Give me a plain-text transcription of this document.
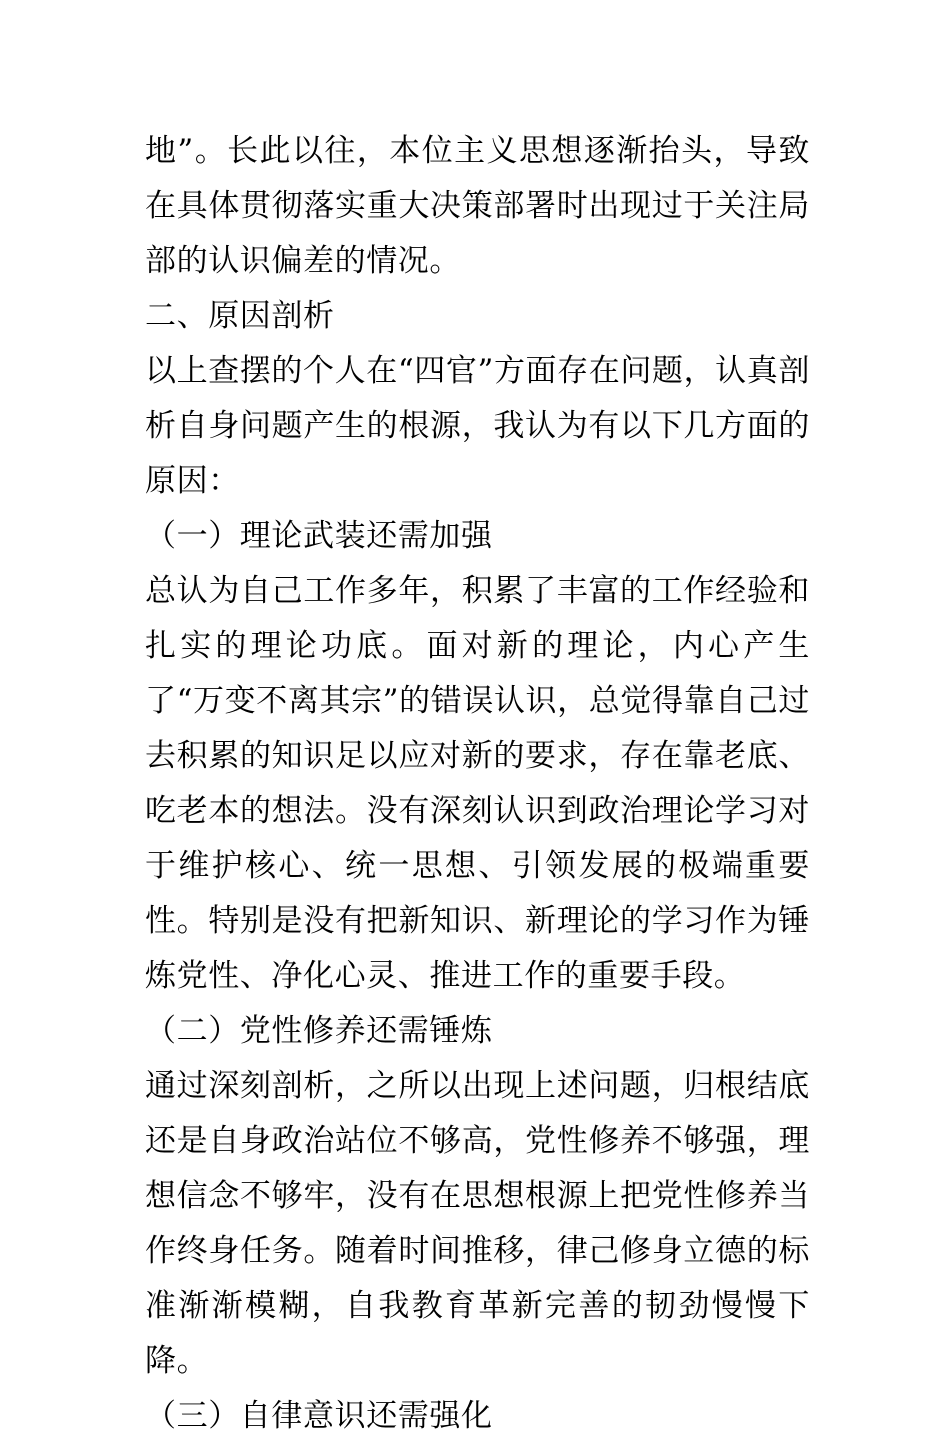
地”。长此以往，本位主义思想逐渐抬头，导致在具体贯彻落实重大决策部署时出现过于关注局部的认识偏差的情况。

二、原因剖析

以上查摆的个人在“四官”方面存在问题，认真剖析自身问题产生的根源，我认为有以下几方面的原因：

（一）理论武装还需加强

总认为自己工作多年，积累了丰富的工作经验和扎实的理论功底。面对新的理论，内心产生了“万变不离其宗”的错误认识，总觉得靠自己过去积累的知识足以应对新的要求，存在靠老底、吃老本的想法。没有深刻认识到政治理论学习对于维护核心、统一思想、引领发展的极端重要性。特别是没有把新知识、新理论的学习作为锤炼党性、净化心灵、推进工作的重要手段。

（二）党性修养还需锤炼

通过深刻剖析，之所以出现上述问题，归根结底还是自身政治站位不够高，党性修养不够强，理想信念不够牢，没有在思想根源上把党性修养当作终身任务。随着时间推移，律己修身立德的标准渐渐模糊，自我教育革新完善的韧劲慢慢下降。

（三）自律意识还需强化
